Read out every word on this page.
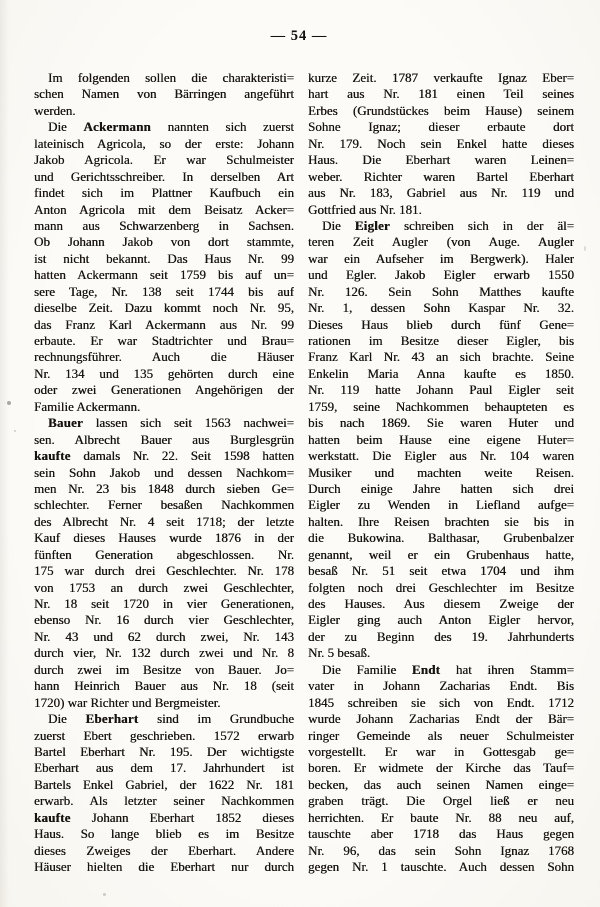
— 54 —
Im folgenden sollen die charakteristi=
schen Namen von Bärringen angeführt
werden.
Die Ackermann nannten sich zuerst
lateinisch Agricola, so der erste: Johann
Jakob Agricola. Er war Schulmeister
und Gerichtsschreiber. In derselben Art
findet sich im Plattner Kaufbuch ein
Anton Agricola mit dem Beisatz Acker=
mann aus Schwarzenberg in Sachsen.
Ob Johann Jakob von dort stammte,
ist nicht bekannt. Das Haus Nr. 99
hatten Ackermann seit 1759 bis auf un=
sere Tage, Nr. 138 seit 1744 bis auf
dieselbe Zeit. Dazu kommt noch Nr. 95,
das Franz Karl Ackermann aus Nr. 99
erbaute. Er war Stadtrichter und Brau=
rechnungsführer. Auch die Häuser
Nr. 134 und 135 gehörten durch eine
oder zwei Generationen Angehörigen der
Familie Ackermann.
Bauer lassen sich seit 1563 nachwei=
sen. Albrecht Bauer aus Burglesgrün
kaufte damals Nr. 22. Seit 1598 hatten
sein Sohn Jakob und dessen Nachkom=
men Nr. 23 bis 1848 durch sieben Ge=
schlechter. Ferner besaßen Nachkommen
des Albrecht Nr. 4 seit 1718; der letzte
Kauf dieses Hauses wurde 1876 in der
fünften Generation abgeschlossen. Nr.
175 war durch drei Geschlechter. Nr. 178
von 1753 an durch zwei Geschlechter,
Nr. 18 seit 1720 in vier Generationen,
ebenso Nr. 16 durch vier Geschlechter,
Nr. 43 und 62 durch zwei, Nr. 143
durch vier, Nr. 132 durch zwei und Nr. 8
durch zwei im Besitze von Bauer. Jo=
hann Heinrich Bauer aus Nr. 18 (seit
1720) war Richter und Bergmeister.
Die Eberhart sind im Grundbuche
zuerst Ebert geschrieben. 1572 erwarb
Bartel Eberhart Nr. 195. Der wichtigste
Eberhart aus dem 17. Jahrhundert ist
Bartels Enkel Gabriel, der 1622 Nr. 181
erwarb. Als letzter seiner Nachkommen
kaufte Johann Eberhart 1852 dieses
Haus. So lange blieb es im Besitze
dieses Zweiges der Eberhart. Andere
Häuser hielten die Eberhart nur durch
kurze Zeit. 1787 verkaufte Ignaz Eber=
hart aus Nr. 181 einen Teil seines
Erbes (Grundstückes beim Hause) seinem
Sohne Ignaz; dieser erbaute dort
Nr. 179. Noch sein Enkel hatte dieses
Haus. Die Eberhart waren Leinen=
weber. Richter waren Bartel Eberhart
aus Nr. 183, Gabriel aus Nr. 119 und
Gottfried aus Nr. 181.
Die Eigler schreiben sich in der äl=
teren Zeit Augler (von Auge. Augler
war ein Aufseher im Bergwerk). Haler
und Egler. Jakob Eigler erwarb 1550
Nr. 126. Sein Sohn Matthes kaufte
Nr. 1, dessen Sohn Kaspar Nr. 32.
Dieses Haus blieb durch fünf Gene=
rationen im Besitze dieser Eigler, bis
Franz Karl Nr. 43 an sich brachte. Seine
Enkelin Maria Anna kaufte es 1850.
Nr. 119 hatte Johann Paul Eigler seit
1759, seine Nachkommen behaupteten es
bis nach 1869. Sie waren Huter und
hatten beim Hause eine eigene Huter=
werkstatt. Die Eigler aus Nr. 104 waren
Musiker und machten weite Reisen.
Durch einige Jahre hatten sich drei
Eigler zu Wenden in Liefland aufge=
halten. Ihre Reisen brachten sie bis in
die Bukowina. Balthasar, Grubenbalzer
genannt, weil er ein Grubenhaus hatte,
besaß Nr. 51 seit etwa 1704 und ihm
folgten noch drei Geschlechter im Besitze
des Hauses. Aus diesem Zweige der
Eigler ging auch Anton Eigler hervor,
der zu Beginn des 19. Jahrhunderts
Nr. 5 besaß.
Die Familie Endt hat ihren Stamm=
vater in Johann Zacharias Endt. Bis
1845 schreiben sie sich von Endt. 1712
wurde Johann Zacharias Endt der Bär=
ringer Gemeinde als neuer Schulmeister
vorgestellt. Er war in Gottesgab ge=
boren. Er widmete der Kirche das Tauf=
becken, das auch seinen Namen einge=
graben trägt. Die Orgel ließ er neu
herrichten. Er baute Nr. 88 neu auf,
tauschte aber 1718 das Haus gegen
Nr. 96, das sein Sohn Ignaz 1768
gegen Nr. 1 tauschte. Auch dessen Sohn
